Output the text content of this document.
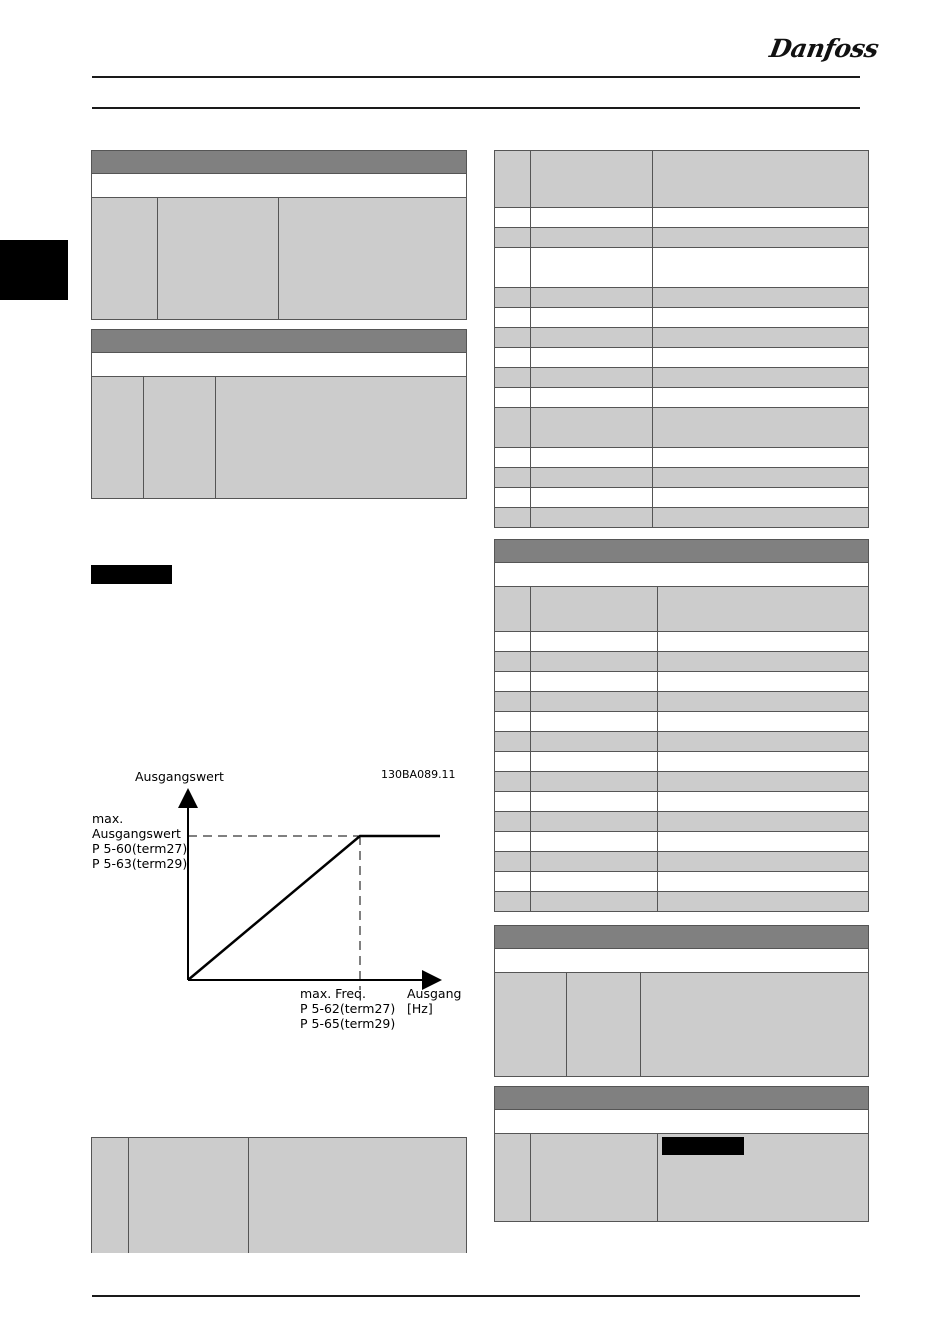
Danfoss
Ausgangswert	130BA089.11
max.
Ausgangswert
P 5-60(term27)
P 5-63(term29)
max. Freq.
P 5-62(term27)
P 5-65(term29)
Ausgang
[Hz]
